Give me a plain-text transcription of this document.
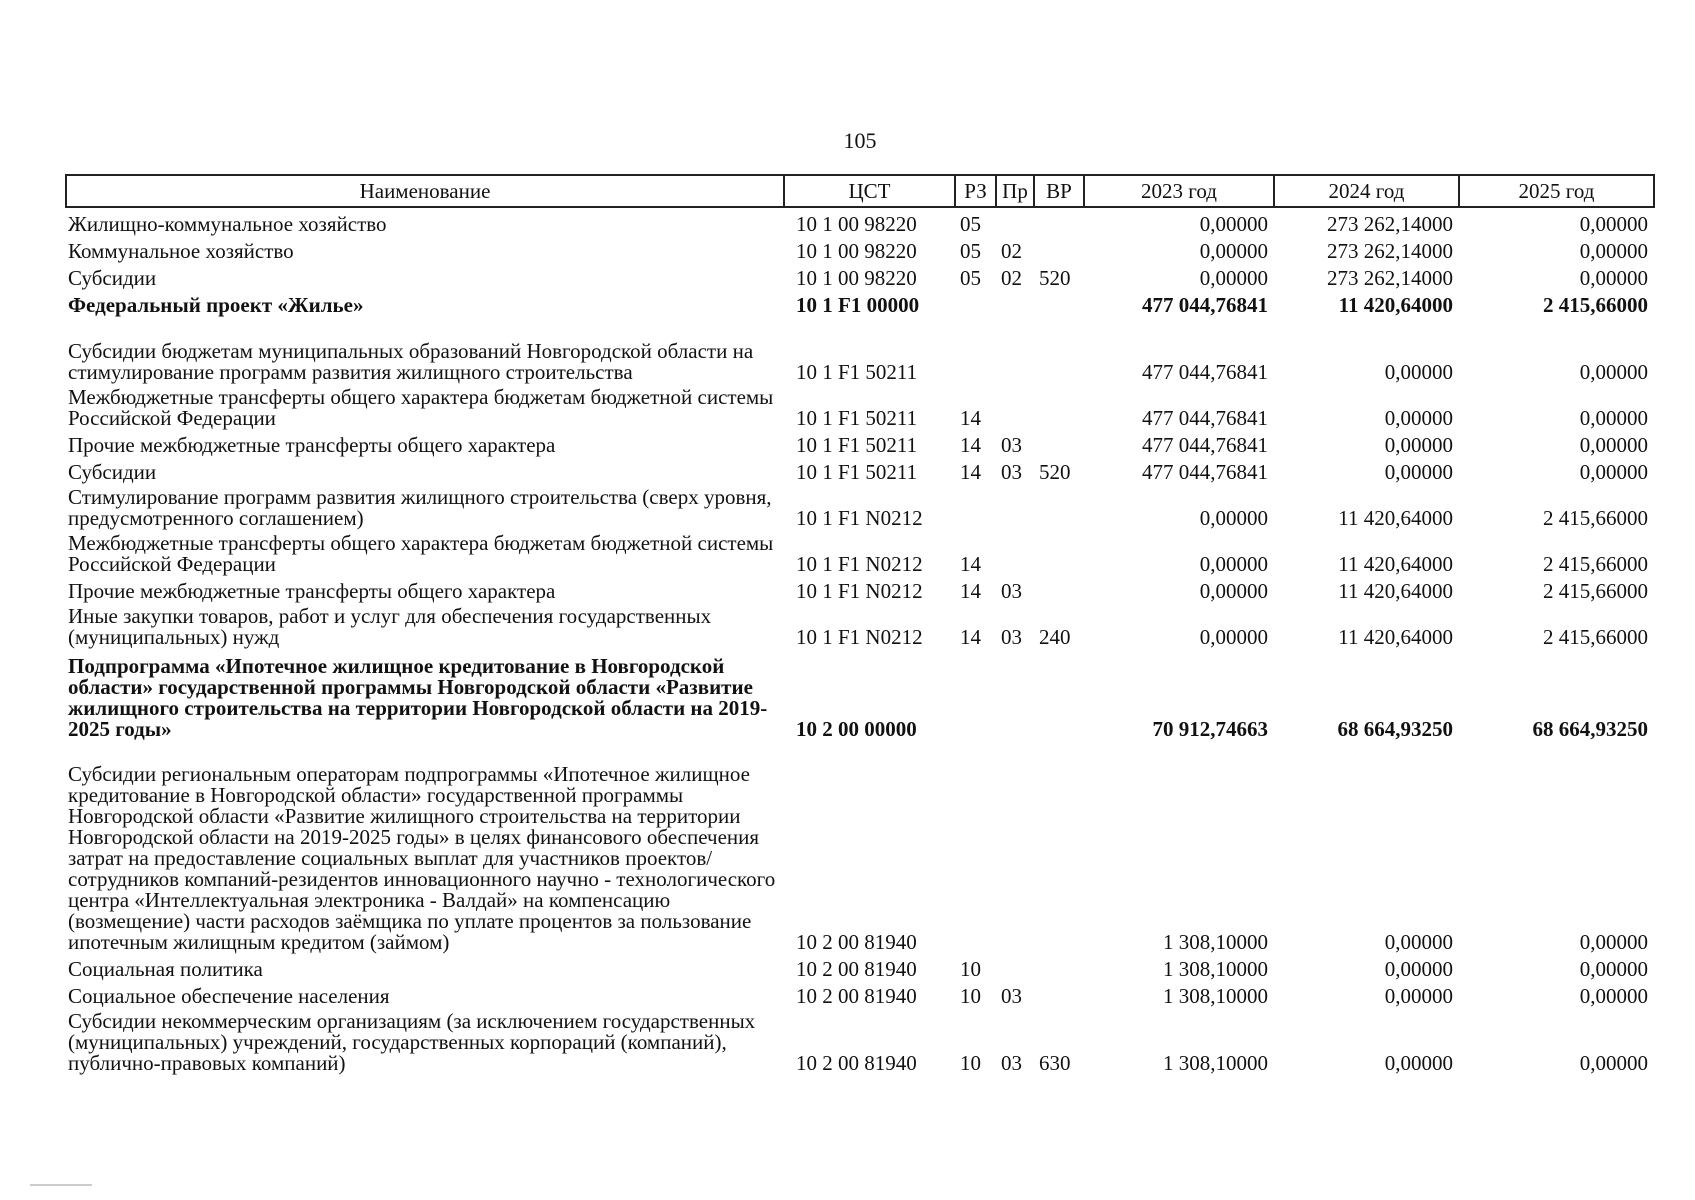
105
Наименование	ЦСТ	РЗ	Пр	ВР	2023 год	2024 год	2025 год
Жилищно-коммунальное хозяйство	10 1 00 98220	05			0,00000	273 262,14000	0,00000
Коммунальное хозяйство	10 1 00 98220	05	02		0,00000	273 262,14000	0,00000
Субсидии	10 1 00 98220	05	02	520	0,00000	273 262,14000	0,00000
Федеральный проект «Жилье»	10 1 F1 00000				477 044,76841	11 420,64000	2 415,66000
Субсидии бюджетам муниципальных образований Новгородской области на стимулирование программ развития жилищного строительства	10 1 F1 50211				477 044,76841	0,00000	0,00000
Межбюджетные трансферты общего характера бюджетам бюджетной системы Российской Федерации	10 1 F1 50211	14			477 044,76841	0,00000	0,00000
Прочие межбюджетные трансферты общего характера	10 1 F1 50211	14	03		477 044,76841	0,00000	0,00000
Субсидии	10 1 F1 50211	14	03	520	477 044,76841	0,00000	0,00000
Стимулирование программ развития жилищного строительства (сверх уровня, предусмотренного соглашением)	10 1 F1 N0212				0,00000	11 420,64000	2 415,66000
Межбюджетные трансферты общего характера бюджетам бюджетной системы Российской Федерации	10 1 F1 N0212	14			0,00000	11 420,64000	2 415,66000
Прочие межбюджетные трансферты общего характера	10 1 F1 N0212	14	03		0,00000	11 420,64000	2 415,66000
Иные закупки товаров, работ и услуг для обеспечения государственных (муниципальных) нужд	10 1 F1 N0212	14	03	240	0,00000	11 420,64000	2 415,66000
Подпрограмма «Ипотечное жилищное кредитование в Новгородской области» государственной программы Новгородской области «Развитие жилищного строительства на территории Новгородской области на 2019-2025 годы»	10 2 00 00000				70 912,74663	68 664,93250	68 664,93250
Субсидии региональным операторам подпрограммы «Ипотечное жилищное кредитование в Новгородской области» государственной программы Новгородской области «Развитие жилищного строительства на территории Новгородской области на 2019-2025 годы» в целях финансового обеспечения затрат на предоставление социальных выплат для участников проектов/сотрудников компаний-резидентов инновационного научно - технологического центра «Интеллектуальная электроника - Валдай» на компенсацию (возмещение) части расходов заёмщика по уплате процентов за пользование ипотечным жилищным кредитом (займом)	10 2 00 81940				1 308,10000	0,00000	0,00000
Социальная политика	10 2 00 81940	10			1 308,10000	0,00000	0,00000
Социальное обеспечение населения	10 2 00 81940	10	03		1 308,10000	0,00000	0,00000
Субсидии некоммерческим организациям (за исключением государственных (муниципальных) учреждений, государственных корпораций (компаний), публично-правовых компаний)	10 2 00 81940	10	03	630	1 308,10000	0,00000	0,00000
